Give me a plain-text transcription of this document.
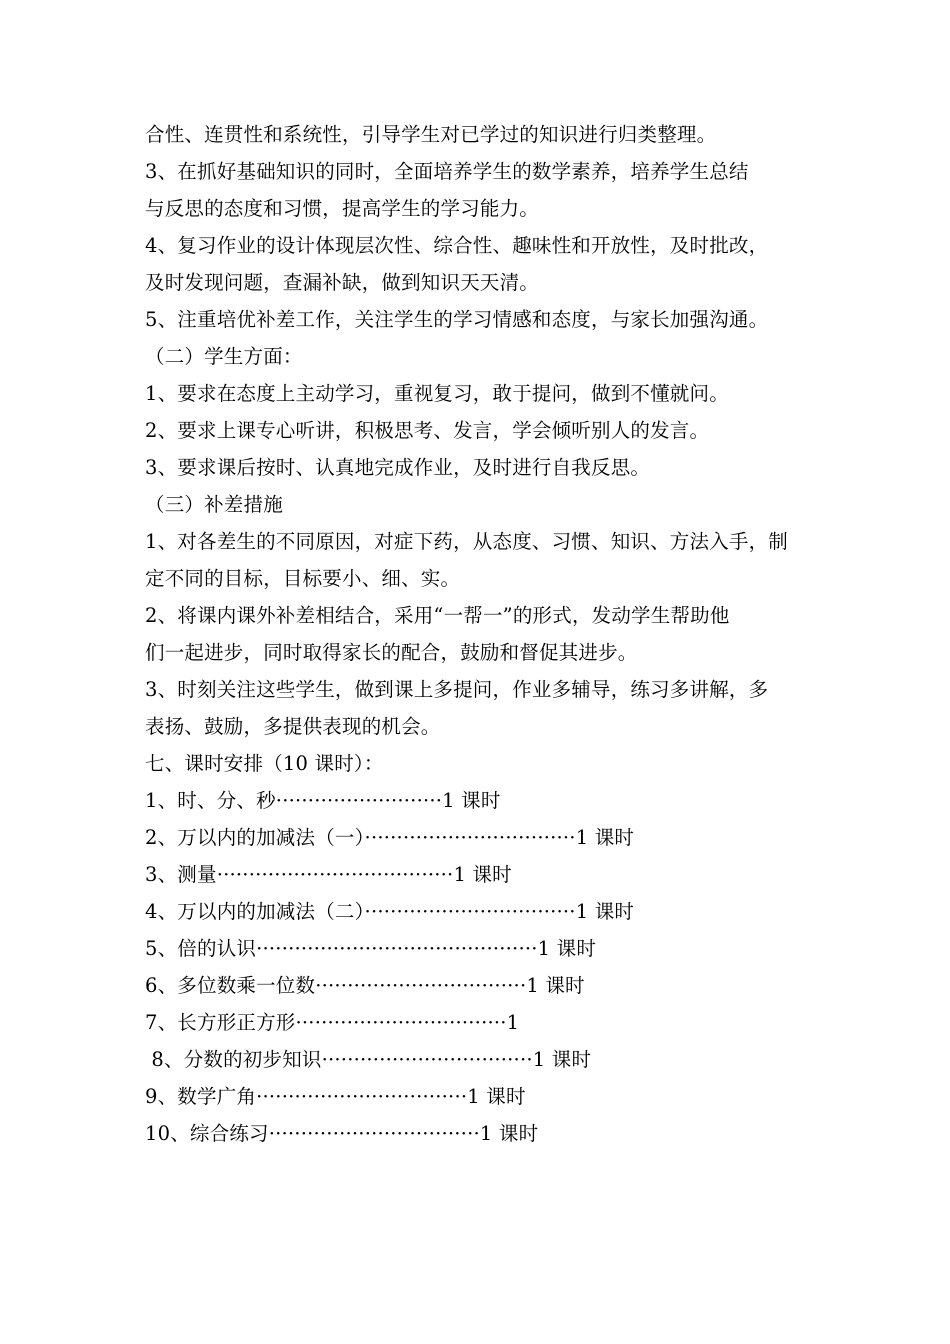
合性、连贯性和系统性，引导学生对已学过的知识进行归类整理。
3、在抓好基础知识的同时，全面培养学生的数学素养，培养学生总结
与反思的态度和习惯，提高学生的学习能力。
4、复习作业的设计体现层次性、综合性、趣味性和开放性，及时批改，
及时发现问题，查漏补缺，做到知识天天清。
5、注重培优补差工作，关注学生的学习情感和态度，与家长加强沟通。
（二）学生方面：
1、要求在态度上主动学习，重视复习，敢于提问，做到不懂就问。
2、要求上课专心听讲，积极思考、发言，学会倾听别人的发言。
3、要求课后按时、认真地完成作业，及时进行自我反思。
（三）补差措施
1、对各差生的不同原因，对症下药，从态度、习惯、知识、方法入手，制
定不同的目标，目标要小、细、实。
2、将课内课外补差相结合，采用“一帮一”的形式，发动学生帮助他
们一起进步，同时取得家长的配合，鼓励和督促其进步。
3、时刻关注这些学生，做到课上多提问，作业多辅导，练习多讲解，多
表扬、鼓励，多提供表现的机会。
七、课时安排（10 课时）：
1、时、分、秒··························1 课时
2、万以内的加减法（一）·································1 课时
3、测量·····································1 课时
4、万以内的加减法（二）·································1 课时
5、倍的认识············································1 课时
6、多位数乘一位数·································1 课时
7、长方形正方形·································1
8、分数的初步知识·································1 课时
9、数学广角·································1 课时
10、综合练习·································1 课时
